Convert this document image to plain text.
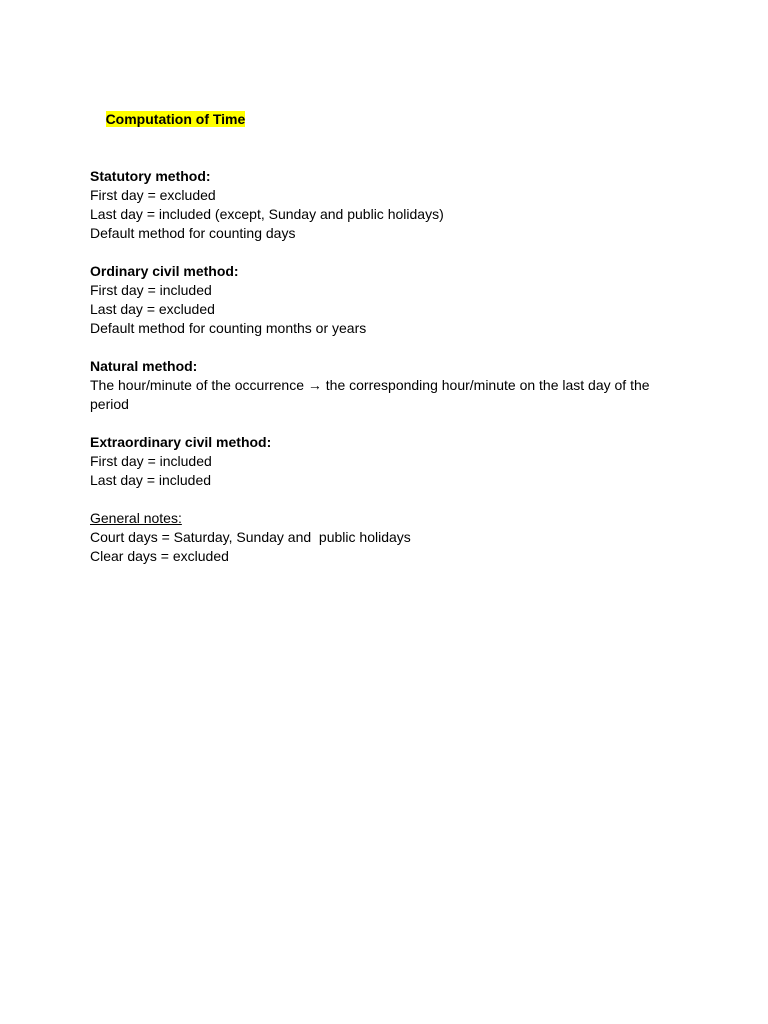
Computation of Time

Statutory method:
First day = excluded
Last day = included (except, Sunday and public holidays)
Default method for counting days
Ordinary civil method:
First day = included
Last day = excluded
Default method for counting months or years
Natural method:
The hour/minute of the occurrence → the corresponding hour/minute on the last day of the period
Extraordinary civil method:
First day = included
Last day = included
General notes:
Court days = Saturday, Sunday and  public holidays
Clear days = excluded
